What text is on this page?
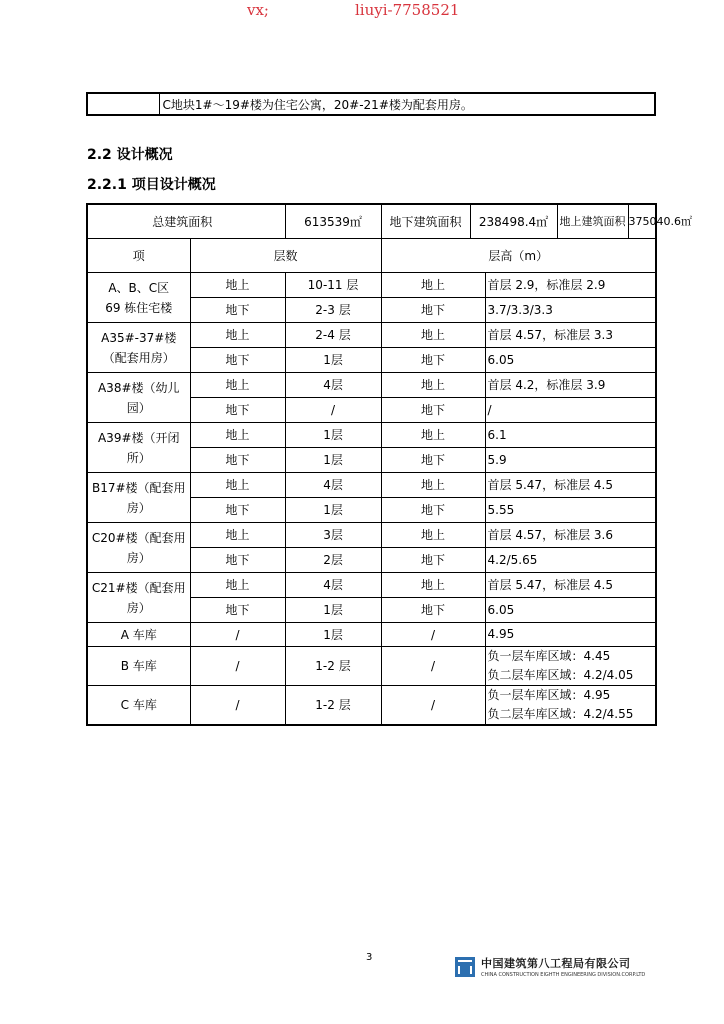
vx;	liuyi-7758521
	C地块1#～19#楼为住宅公寓，20#-21#楼为配套用房。
2.2 设计概况
2.2.1 项目设计概况
总建筑面积		613539㎡	地下建筑面积	238498.4㎡		地上建筑面积 375040.6㎡

项	层数		层高（m）			

A、B、C区
69 栋住宅楼	地上	10-11 层	地上		首层 2.9，标准层 2.9	
	地下	2-3 层	地下		3.7/3.3/3.3	

A35#-37#楼
（配套用房）	地上	2-4 层	地上		首层 4.57，标准层 3.3	
	地下	1层	地下		6.05	

A38#楼（幼儿
园）	地上	4层	地上		首层 4.2，标准层 3.9	
	地下	/	地下		/	

A39#楼（开闭
所）	地上	1层	地上		6.1	
	地下	1层	地下		5.9	

B17#楼（配套用
房）	地上	4层	地上		首层 5.47，标准层 4.5	
	地下	1层	地下		5.55	

C20#楼（配套用
房）	地上	3层	地上		首层 4.57，标准层 3.6	
	地下	2层	地下		4.2/5.65	

C21#楼（配套用
房）	地上	4层	地上		首层 5.47，标准层 4.5	
	地下	1层	地下		6.05	
A 车库	/	1层	/		4.95	

B 车库	/	1-2 层	/		负一层车库区域：4.45
负二层车库区域：4.2/4.05	

C 车库	/	1-2 层	/		负一层车库区域：4.95
负二层车库区域：4.2/4.55	
3	中国建筑第八工程局有限公司
CHINA CONSTRUCTION EIGHTH ENGINEERING DIVISION.CORP.LTD
